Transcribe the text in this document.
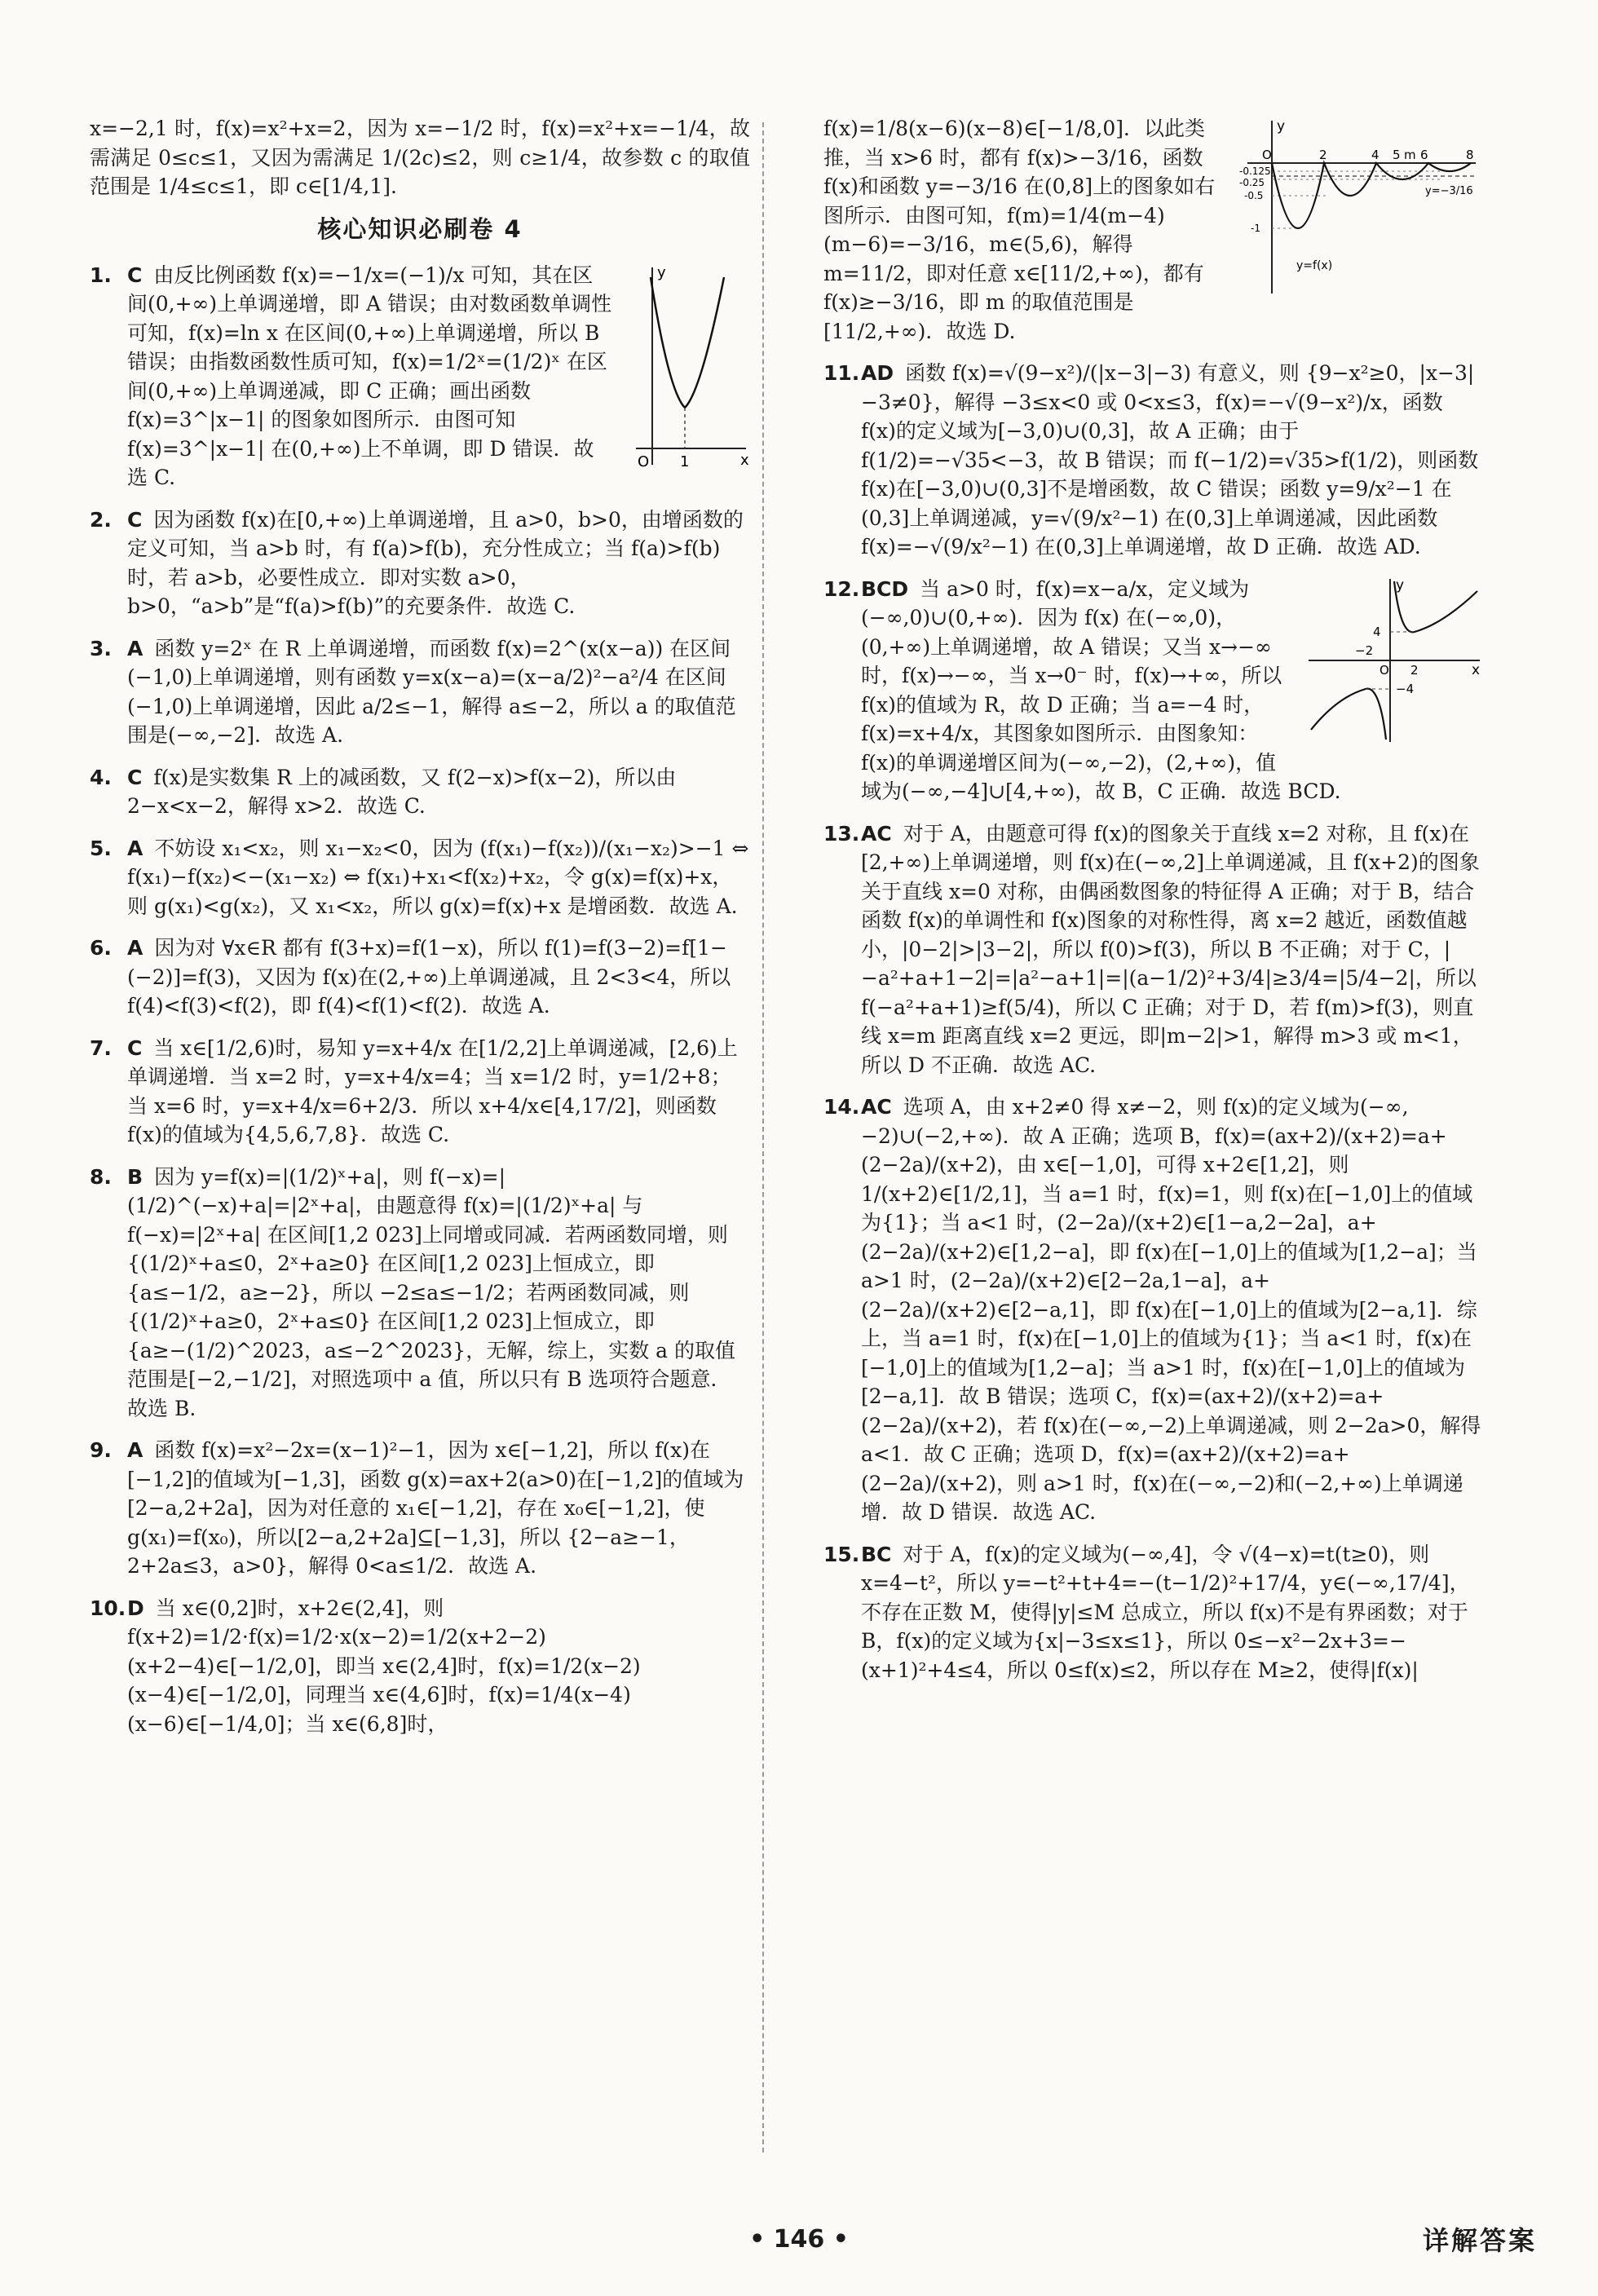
x=−2,1 时，f(x)=x²+x=2，因为 x=−1/2 时，f(x)=x²+x=−1/4，故需满足 0≤c≤1，又因为需满足 1/(2c)≤2，则 c≥1/4，故参数 c 的取值范围是 1/4≤c≤1，即 c∈[1/4,1].

核心知识必刷卷 4
y
x
O 1
1. C 由反比例函数 f(x)=−1/x=(−1)/x 可知，其在区间(0,+∞)上单调递增，即 A 错误；由对数函数单调性可知，f(x)=ln x 在区间(0,+∞)上单调递增，所以 B 错误；由指数函数性质可知，f(x)=1/2ˣ=(1/2)ˣ 在区间(0,+∞)上单调递减，即 C 正确；画出函数 f(x)=3^|x−1| 的图象如图所示．由图可知 f(x)=3^|x−1| 在(0,+∞)上不单调，即 D 错误．故选 C.
2. C 因为函数 f(x)在[0,+∞)上单调递增，且 a>0，b>0，由增函数的定义可知，当 a>b 时，有 f(a)>f(b)，充分性成立；当 f(a)>f(b)时，若 a>b，必要性成立．即对实数 a>0，b>0，“a>b”是“f(a)>f(b)”的充要条件．故选 C.
3. A 函数 y=2ˣ 在 R 上单调递增，而函数 f(x)=2^(x(x−a)) 在区间(−1,0)上单调递增，则有函数 y=x(x−a)=(x−a/2)²−a²/4 在区间(−1,0)上单调递增，因此 a/2≤−1，解得 a≤−2，所以 a 的取值范围是(−∞,−2]．故选 A.
4. C f(x)是实数集 R 上的减函数，又 f(2−x)>f(x−2)，所以由 2−x<x−2，解得 x>2．故选 C.
5. A 不妨设 x₁<x₂，则 x₁−x₂<0，因为 (f(x₁)−f(x₂))/(x₁−x₂)>−1 ⇔ f(x₁)−f(x₂)<−(x₁−x₂) ⇔ f(x₁)+x₁<f(x₂)+x₂，令 g(x)=f(x)+x，则 g(x₁)<g(x₂)，又 x₁<x₂，所以 g(x)=f(x)+x 是增函数．故选 A.
6. A 因为对 ∀x∈R 都有 f(3+x)=f(1−x)，所以 f(1)=f(3−2)=f[1−(−2)]=f(3)，又因为 f(x)在(2,+∞)上单调递减，且 2<3<4，所以 f(4)<f(3)<f(2)，即 f(4)<f(1)<f(2)．故选 A.
7. C 当 x∈[1/2,6)时，易知 y=x+4/x 在[1/2,2]上单调递减，[2,6)上单调递增．当 x=2 时，y=x+4/x=4；当 x=1/2 时，y=1/2+8；当 x=6 时，y=x+4/x=6+2/3．所以 x+4/x∈[4,17/2]，则函数 f(x)的值域为{4,5,6,7,8}．故选 C.
8. B 因为 y=f(x)=|(1/2)ˣ+a|，则 f(−x)=|(1/2)^(−x)+a|=|2ˣ+a|，由题意得 f(x)=|(1/2)ˣ+a| 与 f(−x)=|2ˣ+a| 在区间[1,2 023]上同增或同减．若两函数同增，则 {(1/2)ˣ+a≤0，2ˣ+a≥0} 在区间[1,2 023]上恒成立，即 {a≤−1/2，a≥−2}，所以 −2≤a≤−1/2；若两函数同减，则 {(1/2)ˣ+a≥0，2ˣ+a≤0} 在区间[1,2 023]上恒成立，即 {a≥−(1/2)^2023，a≤−2^2023}，无解，综上，实数 a 的取值范围是[−2,−1/2]，对照选项中 a 值，所以只有 B 选项符合题意．故选 B.
9. A 函数 f(x)=x²−2x=(x−1)²−1，因为 x∈[−1,2]，所以 f(x)在[−1,2]的值域为[−1,3]，函数 g(x)=ax+2(a>0)在[−1,2]的值域为[2−a,2+2a]，因为对任意的 x₁∈[−1,2]，存在 x₀∈[−1,2]，使 g(x₁)=f(x₀)，所以[2−a,2+2a]⊆[−1,3]，所以 {2−a≥−1，2+2a≤3，a>0}，解得 0<a≤1/2．故选 A.
10. D 当 x∈(0,2]时，x+2∈(2,4]，则 f(x+2)=1/2·f(x)=1/2·x(x−2)=1/2(x+2−2)(x+2−4)∈[−1/2,0]，即当 x∈(2,4]时，f(x)=1/2(x−2)(x−4)∈[−1/2,0]，同理当 x∈(4,6]时，f(x)=1/4(x−4)(x−6)∈[−1/4,0]；当 x∈(6,8]时，
y
O	2	4 5 m 6	8
-0.125
-0.25
-0.5
-1
y=f(x)
y=−3/16
f(x)=1/8(x−6)(x−8)∈[−1/8,0]．以此类推，当 x>6 时，都有 f(x)>−3/16，函数 f(x)和函数 y=−3/16 在(0,8]上的图象如右图所示．由图可知，f(m)=1/4(m−4)(m−6)=−3/16，m∈(5,6)，解得 m=11/2，即对任意 x∈[11/2,+∞)，都有 f(x)≥−3/16，即 m 的取值范围是[11/2,+∞)．故选 D.
11. AD 函数 f(x)=√(9−x²)/(|x−3|−3) 有意义，则 {9−x²≥0，|x−3|−3≠0}，解得 −3≤x<0 或 0<x≤3，f(x)=−√(9−x²)/x，函数 f(x)的定义域为[−3,0)∪(0,3]，故 A 正确；由于 f(1/2)=−√35<−3，故 B 错误；而 f(−1/2)=√35>f(1/2)，则函数 f(x)在[−3,0)∪(0,3]不是增函数，故 C 错误；函数 y=9/x²−1 在(0,3]上单调递减，y=√(9/x²−1) 在(0,3]上单调递减，因此函数 f(x)=−√(9/x²−1) 在(0,3]上单调递增，故 D 正确．故选 AD.
y
x
O
4
−2
−4
2
12. BCD 当 a>0 时，f(x)=x−a/x，定义域为(−∞,0)∪(0,+∞)．因为 f(x) 在(−∞,0)，(0,+∞)上单调递增，故 A 错误；又当 x→−∞ 时，f(x)→−∞，当 x→0⁻ 时，f(x)→+∞，所以 f(x)的值域为 R，故 D 正确；当 a=−4 时，f(x)=x+4/x，其图象如图所示．由图象知：f(x)的单调递增区间为(−∞,−2)，(2,+∞)，值域为(−∞,−4]∪[4,+∞)，故 B，C 正确．故选 BCD.
13. AC 对于 A，由题意可得 f(x)的图象关于直线 x=2 对称，且 f(x)在[2,+∞)上单调递增，则 f(x)在(−∞,2]上单调递减，且 f(x+2)的图象关于直线 x=0 对称，由偶函数图象的特征得 A 正确；对于 B，结合函数 f(x)的单调性和 f(x)图象的对称性得，离 x=2 越近，函数值越小，|0−2|>|3−2|，所以 f(0)>f(3)，所以 B 不正确；对于 C，|−a²+a+1−2|=|a²−a+1|=|(a−1/2)²+3/4|≥3/4=|5/4−2|，所以 f(−a²+a+1)≥f(5/4)，所以 C 正确；对于 D，若 f(m)>f(3)，则直线 x=m 距离直线 x=2 更远，即|m−2|>1，解得 m>3 或 m<1，所以 D 不正确．故选 AC.
14. AC 选项 A，由 x+2≠0 得 x≠−2，则 f(x)的定义域为(−∞,−2)∪(−2,+∞)．故 A 正确；选项 B，f(x)=(ax+2)/(x+2)=a+(2−2a)/(x+2)，由 x∈[−1,0]，可得 x+2∈[1,2]，则 1/(x+2)∈[1/2,1]，当 a=1 时，f(x)=1，则 f(x)在[−1,0]上的值域为{1}；当 a<1 时，(2−2a)/(x+2)∈[1−a,2−2a]，a+(2−2a)/(x+2)∈[1,2−a]，即 f(x)在[−1,0]上的值域为[1,2−a]；当 a>1 时，(2−2a)/(x+2)∈[2−2a,1−a]，a+(2−2a)/(x+2)∈[2−a,1]，即 f(x)在[−1,0]上的值域为[2−a,1]．综上，当 a=1 时，f(x)在[−1,0]上的值域为{1}；当 a<1 时，f(x)在[−1,0]上的值域为[1,2−a]；当 a>1 时，f(x)在[−1,0]上的值域为[2−a,1]．故 B 错误；选项 C，f(x)=(ax+2)/(x+2)=a+(2−2a)/(x+2)，若 f(x)在(−∞,−2)上单调递减，则 2−2a>0，解得 a<1．故 C 正确；选项 D，f(x)=(ax+2)/(x+2)=a+(2−2a)/(x+2)，则 a>1 时，f(x)在(−∞,−2)和(−2,+∞)上单调递增．故 D 错误．故选 AC.
15. BC 对于 A，f(x)的定义域为(−∞,4]，令 √(4−x)=t(t≥0)，则 x=4−t²，所以 y=−t²+t+4=−(t−1/2)²+17/4，y∈(−∞,17/4]，不存在正数 M，使得|y|≤M 总成立，所以 f(x)不是有界函数；对于 B，f(x)的定义域为{x|−3≤x≤1}，所以 0≤−x²−2x+3=−(x+1)²+4≤4，所以 0≤f(x)≤2，所以存在 M≥2，使得|f(x)|
• 146 •	详解答案
